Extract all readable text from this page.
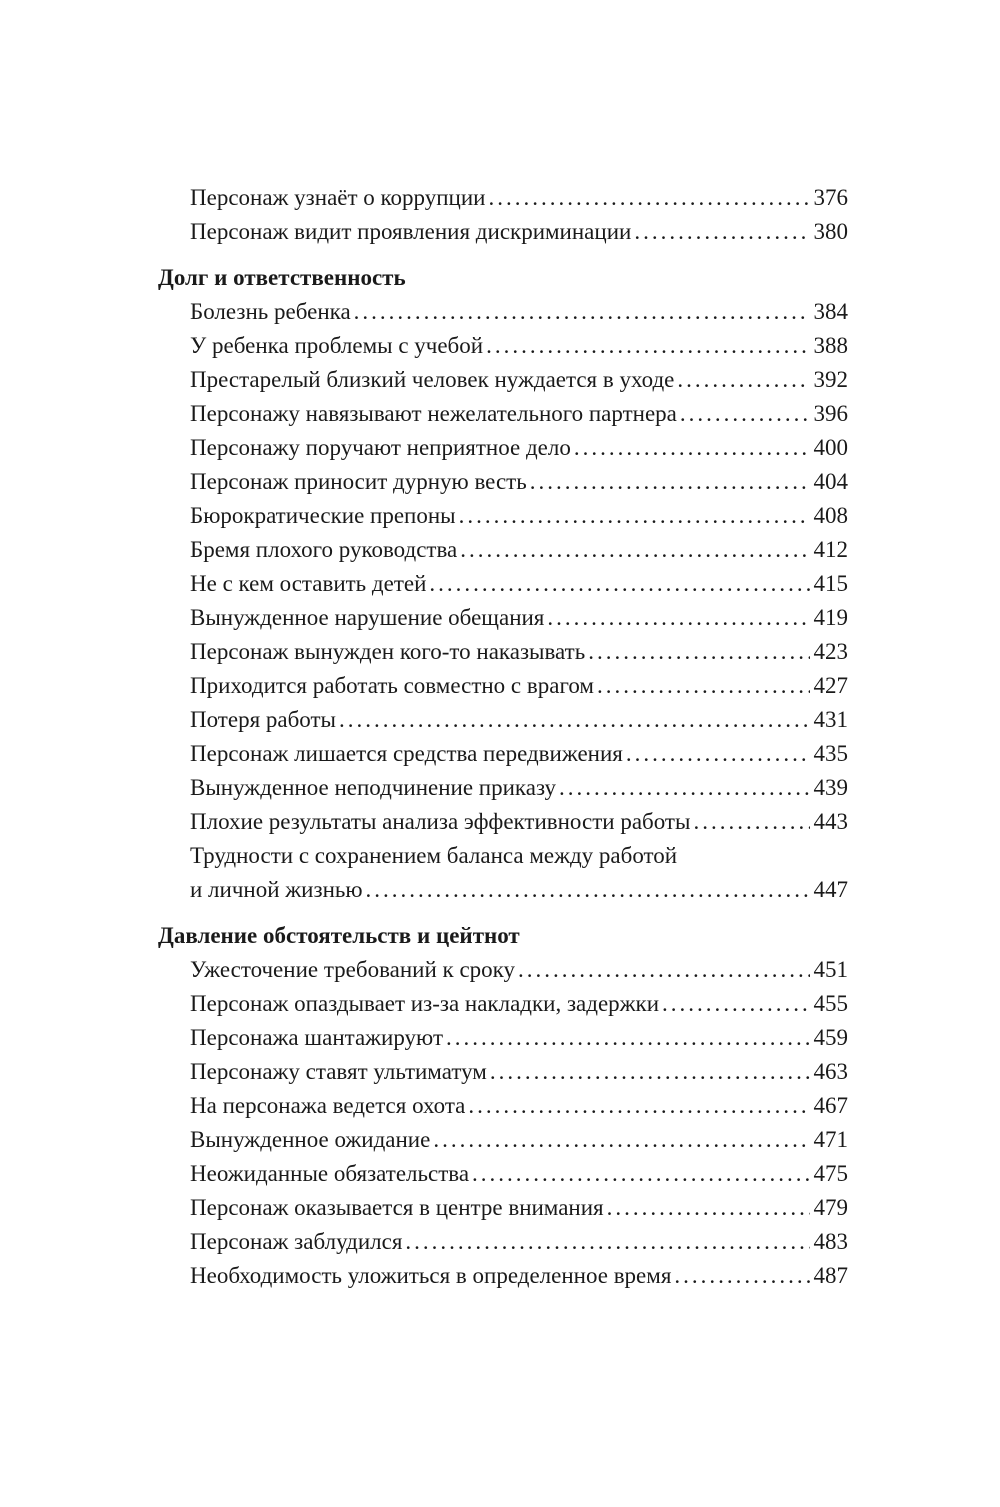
Персонаж узнаёт о коррупции .....	376
Персонаж видит проявления дискриминации .....	380
Долг и ответственность
Болезнь ребенка .....	384
У ребенка проблемы с учебой .....	388
Престарелый близкий человек нуждается в уходе .....	392
Персонажу навязывают нежелательного партнера .....	396
Персонажу поручают неприятное дело .....	400
Персонаж приносит дурную весть .....	404
Бюрократические препоны .....	408
Бремя плохого руководства .....	412
Не с кем оставить детей .....	415
Вынужденное нарушение обещания .....	419
Персонаж вынужден кого-то наказывать .....	423
Приходится работать совместно с врагом .....	427
Потеря работы .....	431
Персонаж лишается средства передвижения .....	435
Вынужденное неподчинение приказу .....	439
Плохие результаты анализа эффективности работы .....	443
Трудности с сохранением баланса между работой
и личной жизнью .....	447
Давление обстоятельств и цейтнот
Ужесточение требований к сроку .....	451
Персонаж опаздывает из-за накладки, задержки .....	455
Персонажа шантажируют .....	459
Персонажу ставят ультиматум .....	463
На персонажа ведется охота .....	467
Вынужденное ожидание .....	471
Неожиданные обязательства .....	475
Персонаж оказывается в центре внимания .....	479
Персонаж заблудился .....	483
Необходимость уложиться в определенное время .....	487
